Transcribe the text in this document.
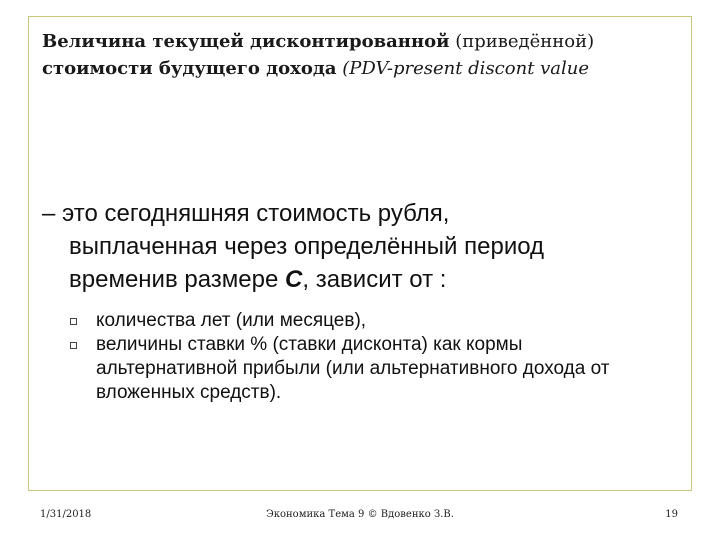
Величина текущей дисконтированной (приведённой)
стоимости будущего дохода (PDV-present discont value
– это сегодняшняя стоимость рубля,
выплаченная через определённый период
временив размере С, зависит от :
количества лет (или месяцев),
величины ставки % (ставки дисконта) как кормы альтернативной прибыли (или альтернативного дохода от вложенных средств).
1/31/2018	Экономика Тема 9 © Вдовенко З.В.	19
